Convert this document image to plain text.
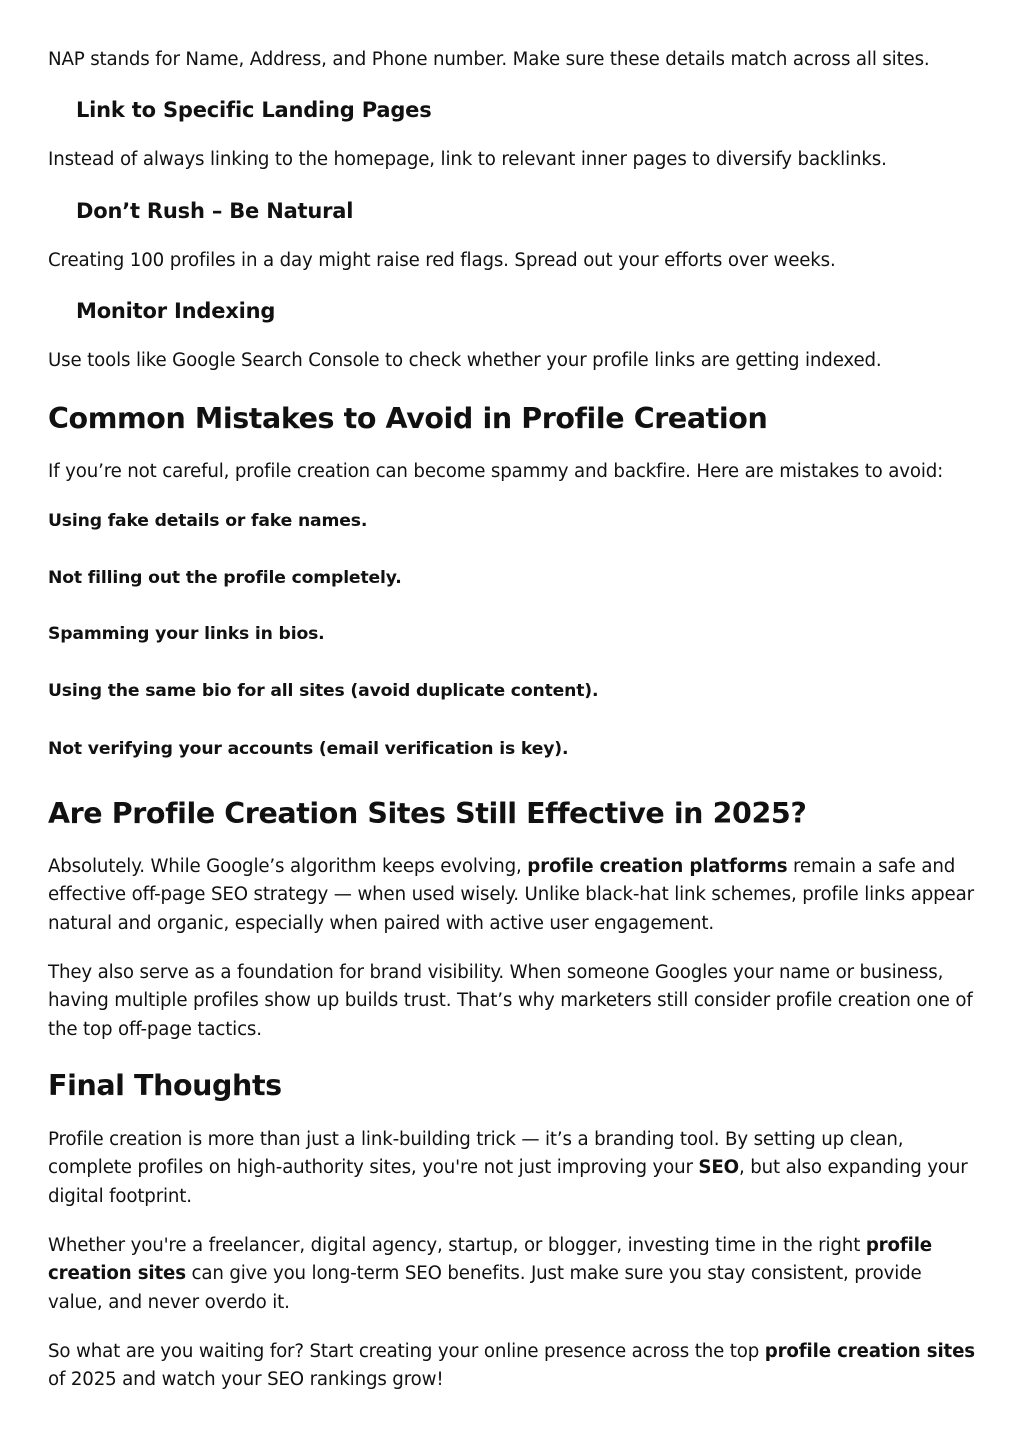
NAP stands for Name, Address, and Phone number. Make sure these details match across all sites.

Link to Specific Landing Pages

Instead of always linking to the homepage, link to relevant inner pages to diversify backlinks.

Don’t Rush – Be Natural

Creating 100 profiles in a day might raise red flags. Spread out your efforts over weeks.

Monitor Indexing

Use tools like Google Search Console to check whether your profile links are getting indexed.

Common Mistakes to Avoid in Profile Creation

If you’re not careful, profile creation can become spammy and backfire. Here are mistakes to avoid:

Using fake details or fake names.

Not filling out the profile completely.

Spamming your links in bios.

Using the same bio for all sites (avoid duplicate content).

Not verifying your accounts (email verification is key).

Are Profile Creation Sites Still Effective in 2025?

Absolutely. While Google’s algorithm keeps evolving, profile creation platforms remain a safe and effective off-page SEO strategy — when used wisely. Unlike black-hat link schemes, profile links appear natural and organic, especially when paired with active user engagement.

They also serve as a foundation for brand visibility. When someone Googles your name or business, having multiple profiles show up builds trust. That’s why marketers still consider profile creation one of the top off-page tactics.

Final Thoughts

Profile creation is more than just a link-building trick — it’s a branding tool. By setting up clean, complete profiles on high-authority sites, you're not just improving your SEO, but also expanding your digital footprint.

Whether you're a freelancer, digital agency, startup, or blogger, investing time in the right profile creation sites can give you long-term SEO benefits. Just make sure you stay consistent, provide value, and never overdo it.

So what are you waiting for? Start creating your online presence across the top profile creation sites of 2025 and watch your SEO rankings grow!
